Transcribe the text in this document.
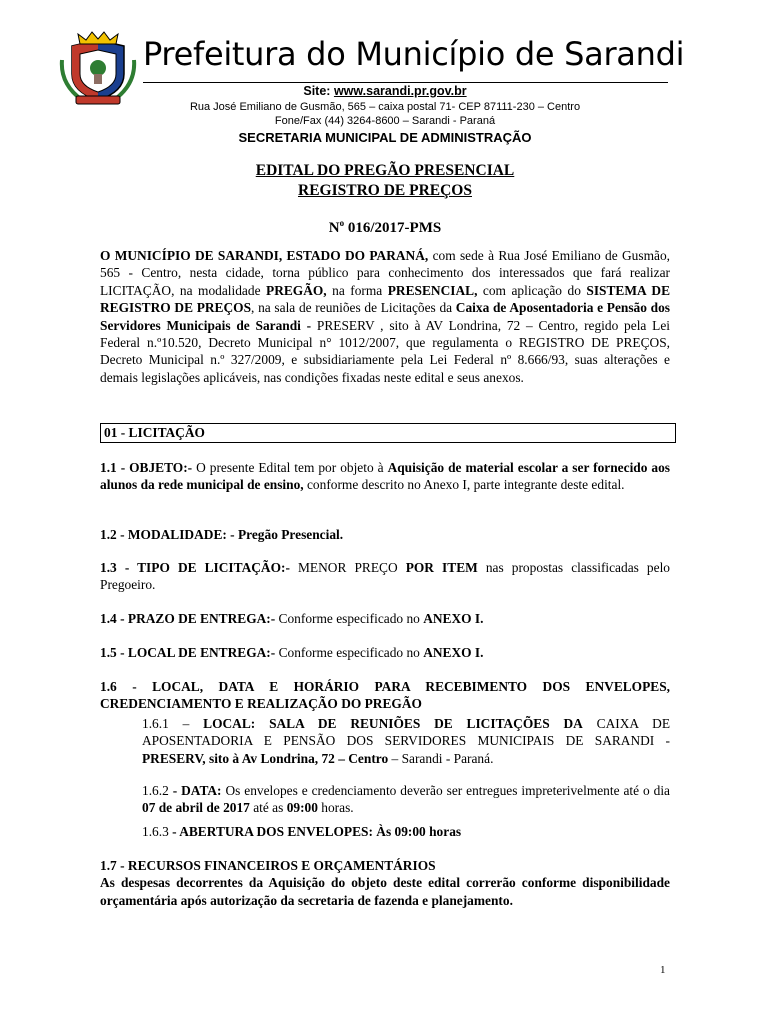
Prefeitura do Município de Sarandi
Site: www.sarandi.pr.gov.br
Rua José Emiliano de Gusmão, 565 – caixa postal 71- CEP 87111-230 – Centro
Fone/Fax (44) 3264-8600 – Sarandi - Paraná
SECRETARIA MUNICIPAL DE ADMINISTRAÇÃO
EDITAL DO PREGÃO PRESENCIAL
REGISTRO DE PREÇOS
$N^o$ 016/2017-PMS
O MUNICÍPIO DE SARANDI, ESTADO DO PARANÁ, com sede à Rua José Emiliano de Gusmão, 565 - Centro, nesta cidade, torna público para conhecimento dos interessados que fará realizar LICITAÇÃO, na modalidade PREGÃO, na forma PRESENCIAL, com aplicação do SISTEMA DE REGISTRO DE PREÇOS, na sala de reuniões de Licitações da Caixa de Aposentadoria e Pensão dos Servidores Municipais de Sarandi - PRESERV , sito à AV Londrina, 72 – Centro, regido pela Lei Federal n.º10.520, Decreto Municipal n° 1012/2007, que regulamenta o REGISTRO DE PREÇOS, Decreto Municipal n.º 327/2009, e subsidiariamente pela Lei Federal nº 8.666/93, suas alterações e demais legislações aplicáveis, nas condições fixadas neste edital e seus anexos.
01 - LICITAÇÃO
1.1 - OBJETO:- O presente Edital tem por objeto à Aquisição de material escolar a ser fornecido aos alunos da rede municipal de ensino, conforme descrito no Anexo I, parte integrante deste edital.
1.2 - MODALIDADE: - Pregão Presencial.
1.3 - TIPO DE LICITAÇÃO:- MENOR PREÇO POR ITEM nas propostas classificadas pelo Pregoeiro.
1.4 - PRAZO DE ENTREGA:- Conforme especificado no ANEXO I.
1.5 - LOCAL DE ENTREGA:- Conforme especificado no ANEXO I.
1.6 - LOCAL, DATA E HORÁRIO PARA RECEBIMENTO DOS ENVELOPES, CREDENCIAMENTO E REALIZAÇÃO DO PREGÃO
1.6.1 – LOCAL: SALA DE REUNIÕES DE LICITAÇÕES DA CAIXA DE APOSENTADORIA E PENSÃO DOS SERVIDORES MUNICIPAIS DE SARANDI - PRESERV, sito à Av Londrina, 72 – Centro – Sarandi - Paraná.
1.6.2 - DATA: Os envelopes e credenciamento deverão ser entregues impreterivelmente até o dia 07 de abril de 2017 até as 09:00 horas.
1.6.3 - ABERTURA DOS ENVELOPES: Às 09:00 horas
1.7 - RECURSOS FINANCEIROS E ORÇAMENTÁRIOS
As despesas decorrentes da Aquisição do objeto deste edital correrão conforme disponibilidade orçamentária após autorização da secretaria de fazenda e planejamento.
1
